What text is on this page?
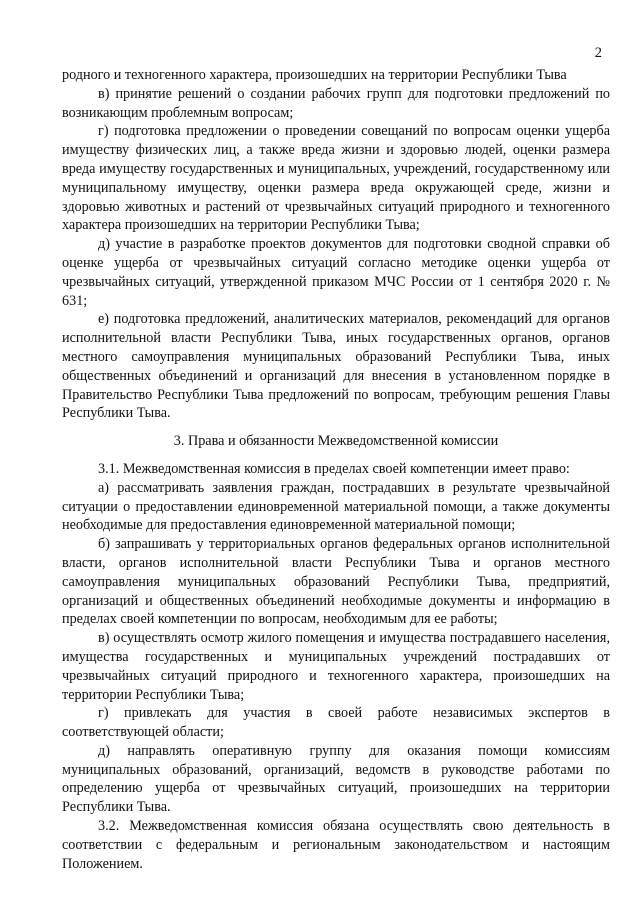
2

родного и техногенного характера, произошедших на территории Республики Тыва

в) принятие решений о создании рабочих групп для подготовки предложений по возникающим проблемным вопросам;

г) подготовка предложении о проведении совещаний по вопросам оценки ущерба имуществу физических лиц, а также вреда жизни и здоровью людей, оценки размера вреда имуществу государственных и муниципальных, учреждений, государственному или муниципальному имуществу, оценки размера вреда окружающей среде, жизни и здоровью животных и растений от чрезвычайных ситуаций природного и техногенного характера произошедших на территории Республики Тыва;

д) участие в разработке проектов документов для подготовки сводной справки об оценке ущерба от чрезвычайных ситуаций согласно методике оценки ущерба от чрезвычайных ситуаций, утвержденной приказом МЧС России от 1 сентября 2020 г. № 631;

е) подготовка предложений, аналитических материалов, рекомендаций для органов исполнительной власти Республики Тыва, иных государственных органов, органов местного самоуправления муниципальных образований Республики Тыва, иных общественных объединений и организаций для внесения в установленном порядке в Правительство Республики Тыва предложений по вопросам, требующим решения Главы Республики Тыва.

3. Права и обязанности Межведомственной комиссии

3.1. Межведомственная комиссия в пределах своей компетенции имеет право:

а) рассматривать заявления граждан, пострадавших в результате чрезвычайной ситуации о предоставлении единовременной материальной помощи, а также документы необходимые для предоставления единовременной материальной помощи;

б) запрашивать у территориальных органов федеральных органов исполнительной власти, органов исполнительной власти Республики Тыва и органов местного самоуправления муниципальных образований Республики Тыва, предприятий, организаций и общественных объединений необходимые документы и информацию в пределах своей компетенции по вопросам, необходимым для ее работы;

в) осуществлять осмотр жилого помещения и имущества пострадавшего населения, имущества государственных и муниципальных учреждений пострадавших от чрезвычайных ситуаций природного и техногенного характера, произошедших на территории Республики Тыва;

г) привлекать для участия в своей работе независимых экспертов в соответствующей области;

д) направлять оперативную группу для оказания помощи комиссиям муниципальных образований, организаций, ведомств в руководстве работами по определению ущерба от чрезвычайных ситуаций, произошедших на территории Республики Тыва.

3.2. Межведомственная комиссия обязана осуществлять свою деятельность в соответствии с федеральным и региональным законодательством и настоящим Положением.
